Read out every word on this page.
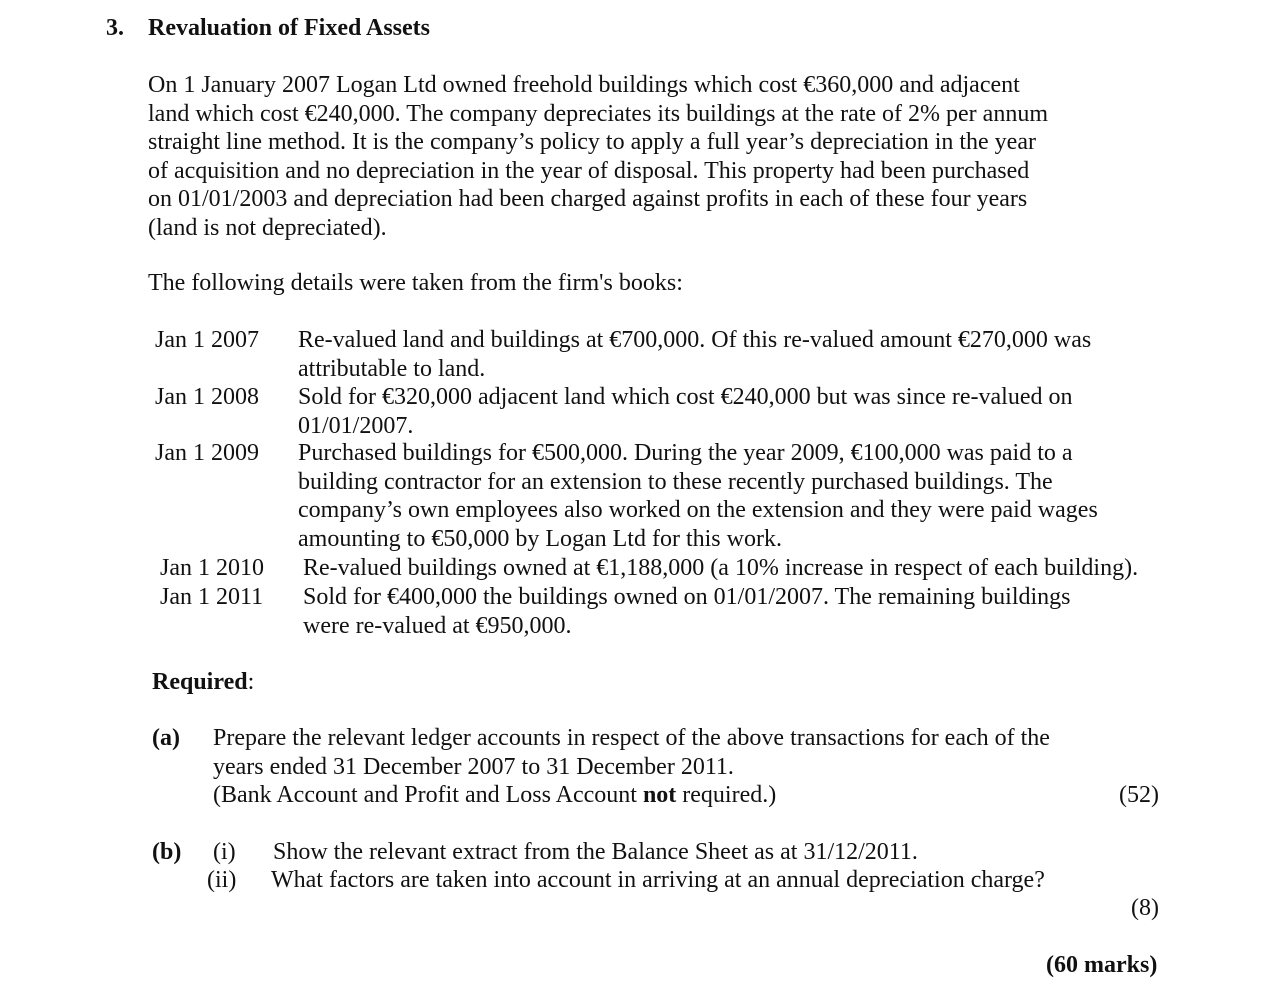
3. Revaluation of Fixed Assets
On 1 January 2007 Logan Ltd owned freehold buildings which cost €360,000 and adjacent
land which cost €240,000. The company depreciates its buildings at the rate of 2% per annum
straight line method. It is the company’s policy to apply a full year’s depreciation in the year
of acquisition and no depreciation in the year of disposal. This property had been purchased
on 01/01/2003 and depreciation had been charged against profits in each of these four years
(land is not depreciated).
The following details were taken from the firm's books:
Jan 1 2007 Re-valued land and buildings at €700,000. Of this re-valued amount €270,000 was
attributable to land.
Jan 1 2008 Sold for €320,000 adjacent land which cost €240,000 but was since re-valued on
01/01/2007.
Jan 1 2009 Purchased buildings for €500,000. During the year 2009, €100,000 was paid to a
building contractor for an extension to these recently purchased buildings. The
company’s own employees also worked on the extension and they were paid wages
amounting to €50,000 by Logan Ltd for this work.
Jan 1 2010 Re-valued buildings owned at €1,188,000 (a 10% increase in respect of each building).
Jan 1 2011 Sold for €400,000 the buildings owned on 01/01/2007. The remaining buildings
were re-valued at €950,000.
Required:
(a) Prepare the relevant ledger accounts in respect of the above transactions for each of the
years ended 31 December 2007 to 31 December 2011.
(Bank Account and Profit and Loss Account not required.)	(52)
(b) (i) Show the relevant extract from the Balance Sheet as at 31/12/2011.
(ii) What factors are taken into account in arriving at an annual depreciation charge?
(8)
(60 marks)
